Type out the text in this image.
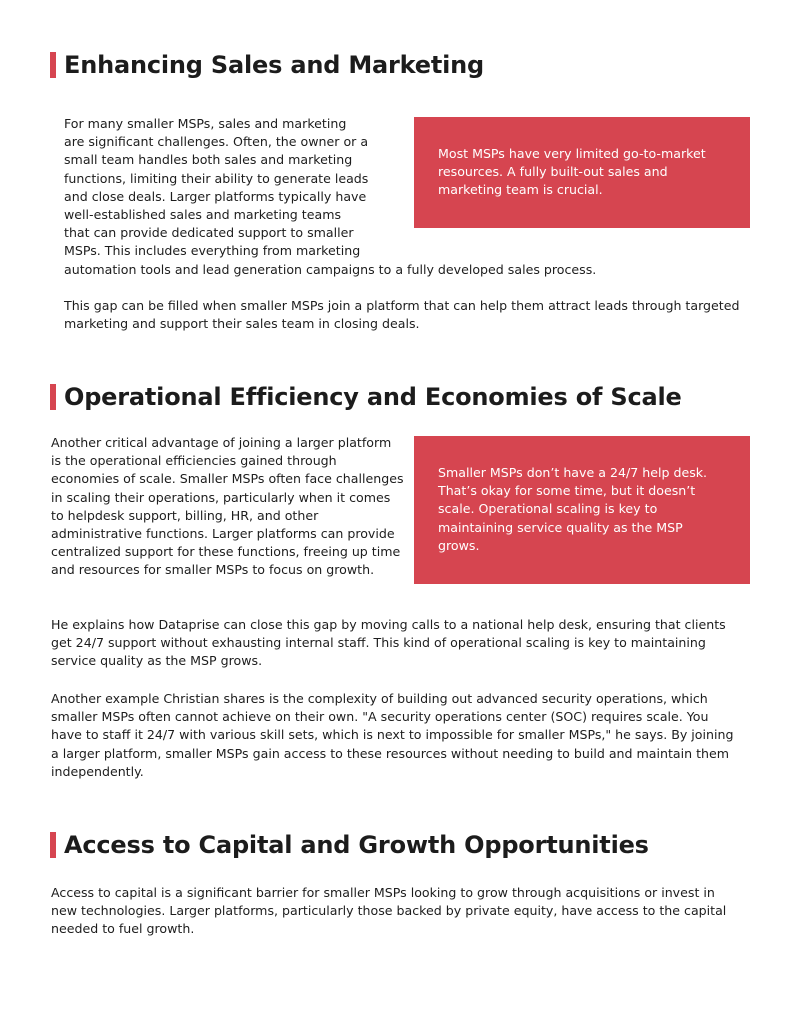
Enhancing Sales and Marketing

Most MSPs have very limited go-to-market resources. A fully built-out sales and marketing team is crucial.

For many smaller MSPs, sales and marketing are significant challenges. Often, the owner or a small team handles both sales and marketing functions, limiting their ability to generate leads and close deals. Larger platforms typically have well-established sales and marketing teams that can provide dedicated support to smaller MSPs. This includes everything from marketing automation tools and lead generation campaigns to a fully developed sales process.

This gap can be filled when smaller MSPs join a platform that can help them attract leads through targeted marketing and support their sales team in closing deals.

Operational Efficiency and Economies of Scale

Smaller MSPs don’t have a 24/7 help desk. That’s okay for some time, but it doesn’t scale. Operational scaling is key to maintaining service quality as the MSP grows.

Another critical advantage of joining a larger platform is the operational efficiencies gained through economies of scale. Smaller MSPs often face challenges in scaling their operations, particularly when it comes to helpdesk support, billing, HR, and other administrative functions. Larger platforms can provide centralized support for these functions, freeing up time and resources for smaller MSPs to focus on growth.

He explains how Dataprise can close this gap by moving calls to a national help desk, ensuring that clients get 24/7 support without exhausting internal staff. This kind of operational scaling is key to maintaining service quality as the MSP grows.

Another example Christian shares is the complexity of building out advanced security operations, which smaller MSPs often cannot achieve on their own. "A security operations center (SOC) requires scale. You have to staff it 24/7 with various skill sets, which is next to impossible for smaller MSPs," he says. By joining a larger platform, smaller MSPs gain access to these resources without needing to build and maintain them independently.

Access to Capital and Growth Opportunities

Access to capital is a significant barrier for smaller MSPs looking to grow through acquisitions or invest in new technologies. Larger platforms, particularly those backed by private equity, have access to the capital needed to fuel growth.
